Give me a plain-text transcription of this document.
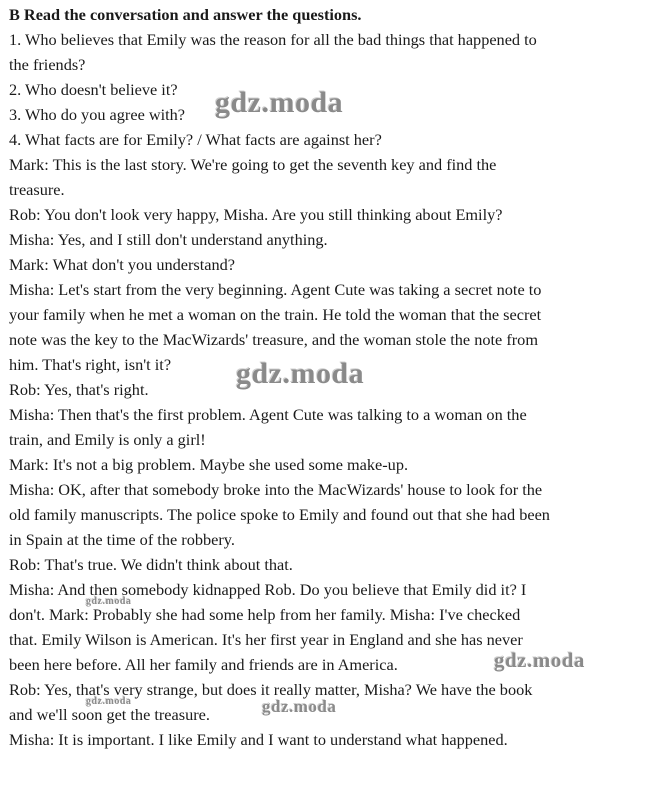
B Read the conversation and answer the questions.
1. Who believes that Emily was the reason for all the bad things that happened to
the friends?
2. Who doesn't believe it?
3. Who do you agree with?
4. What facts are for Emily? / What facts are against her?
Mark: This is the last story. We're going to get the seventh key and find the
treasure.
Rob: You don't look very happy, Misha. Are you still thinking about Emily?
Misha: Yes, and I still don't understand anything.
Mark: What don't you understand?
Misha: Let's start from the very beginning. Agent Cute was taking a secret note to
your family when he met a woman on the train. He told the woman that the secret
note was the key to the MacWizards' treasure, and the woman stole the note from
him. That's right, isn't it?
Rob: Yes, that's right.
Misha: Then that's the first problem. Agent Cute was talking to a woman on the
train, and Emily is only a girl!
Mark: It's not a big problem. Maybe she used some make-up.
Misha: OK, after that somebody broke into the MacWizards' house to look for the
old family manuscripts. The police spoke to Emily and found out that she had been
in Spain at the time of the robbery.
Rob: That's true. We didn't think about that.
Misha: And then somebody kidnapped Rob. Do you believe that Emily did it? I
don't. Mark: Probably she had some help from her family. Misha: I've checked
that. Emily Wilson is American. It's her first year in England and she has never
been here before. All her family and friends are in America.
Rob: Yes, that's very strange, but does it really matter, Misha? We have the book
and we'll soon get the treasure.
Misha: It is important. I like Emily and I want to understand what happened.
gdz.moda
gdz.moda
gdz.moda
gdz.moda
gdz.moda
gdz.moda
